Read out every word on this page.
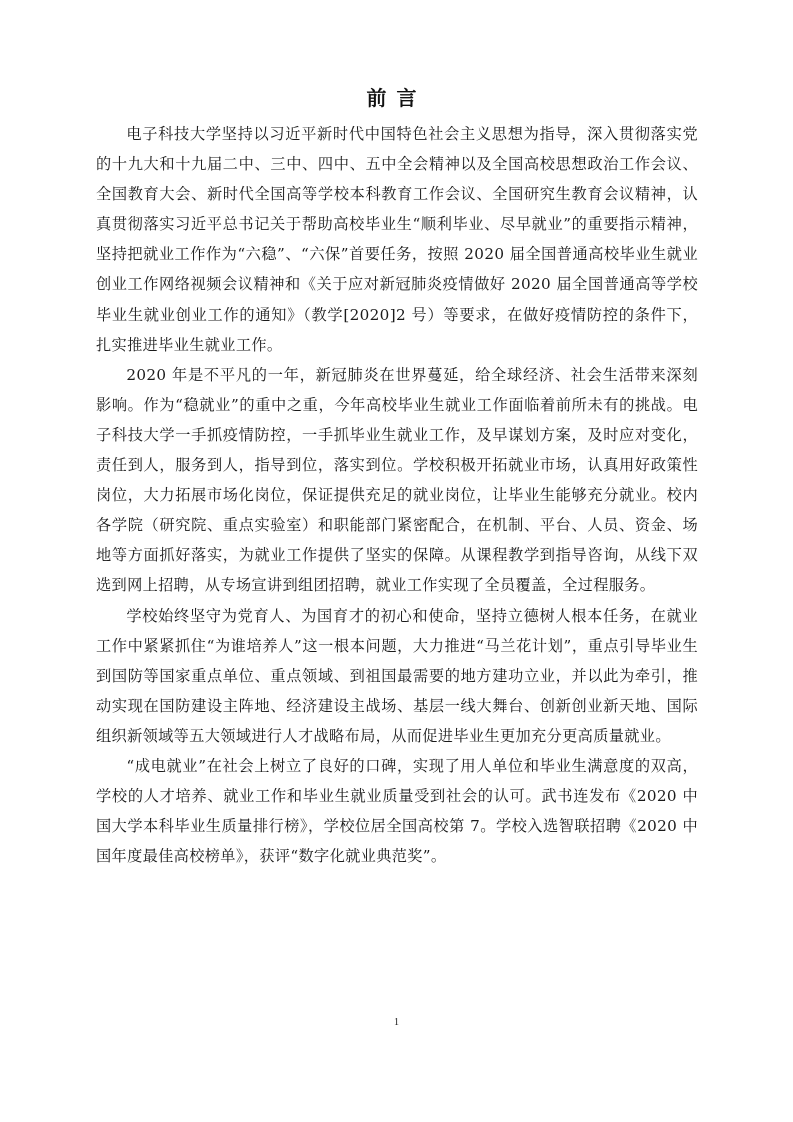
前言

电子科技大学坚持以习近平新时代中国特色社会主义思想为指导，深入贯彻落实党的十九大和十九届二中、三中、四中、五中全会精神以及全国高校思想政治工作会议、全国教育大会、新时代全国高等学校本科教育工作会议、全国研究生教育会议精神，认真贯彻落实习近平总书记关于帮助高校毕业生“顺利毕业、尽早就业”的重要指示精神，坚持把就业工作作为“六稳”、“六保”首要任务，按照 2020 届全国普通高校毕业生就业创业工作网络视频会议精神和《关于应对新冠肺炎疫情做好 2020 届全国普通高等学校毕业生就业创业工作的通知》（教学[2020]2 号）等要求，在做好疫情防控的条件下，扎实推进毕业生就业工作。

2020 年是不平凡的一年，新冠肺炎在世界蔓延，给全球经济、社会生活带来深刻影响。作为“稳就业”的重中之重，今年高校毕业生就业工作面临着前所未有的挑战。电子科技大学一手抓疫情防控，一手抓毕业生就业工作，及早谋划方案，及时应对变化，责任到人，服务到人，指导到位，落实到位。学校积极开拓就业市场，认真用好政策性岗位，大力拓展市场化岗位，保证提供充足的就业岗位，让毕业生能够充分就业。校内各学院（研究院、重点实验室）和职能部门紧密配合，在机制、平台、人员、资金、场地等方面抓好落实，为就业工作提供了坚实的保障。从课程教学到指导咨询，从线下双选到网上招聘，从专场宣讲到组团招聘，就业工作实现了全员覆盖，全过程服务。

学校始终坚守为党育人、为国育才的初心和使命，坚持立德树人根本任务，在就业工作中紧紧抓住“为谁培养人”这一根本问题，大力推进“马兰花计划”，重点引导毕业生到国防等国家重点单位、重点领域、到祖国最需要的地方建功立业，并以此为牵引，推动实现在国防建设主阵地、经济建设主战场、基层一线大舞台、创新创业新天地、国际组织新领域等五大领域进行人才战略布局，从而促进毕业生更加充分更高质量就业。

“成电就业”在社会上树立了良好的口碑，实现了用人单位和毕业生满意度的双高，学校的人才培养、就业工作和毕业生就业质量受到社会的认可。武书连发布《2020 中国大学本科毕业生质量排行榜》，学校位居全国高校第 7。学校入选智联招聘《2020 中国年度最佳高校榜单》，获评“数字化就业典范奖”。

1
